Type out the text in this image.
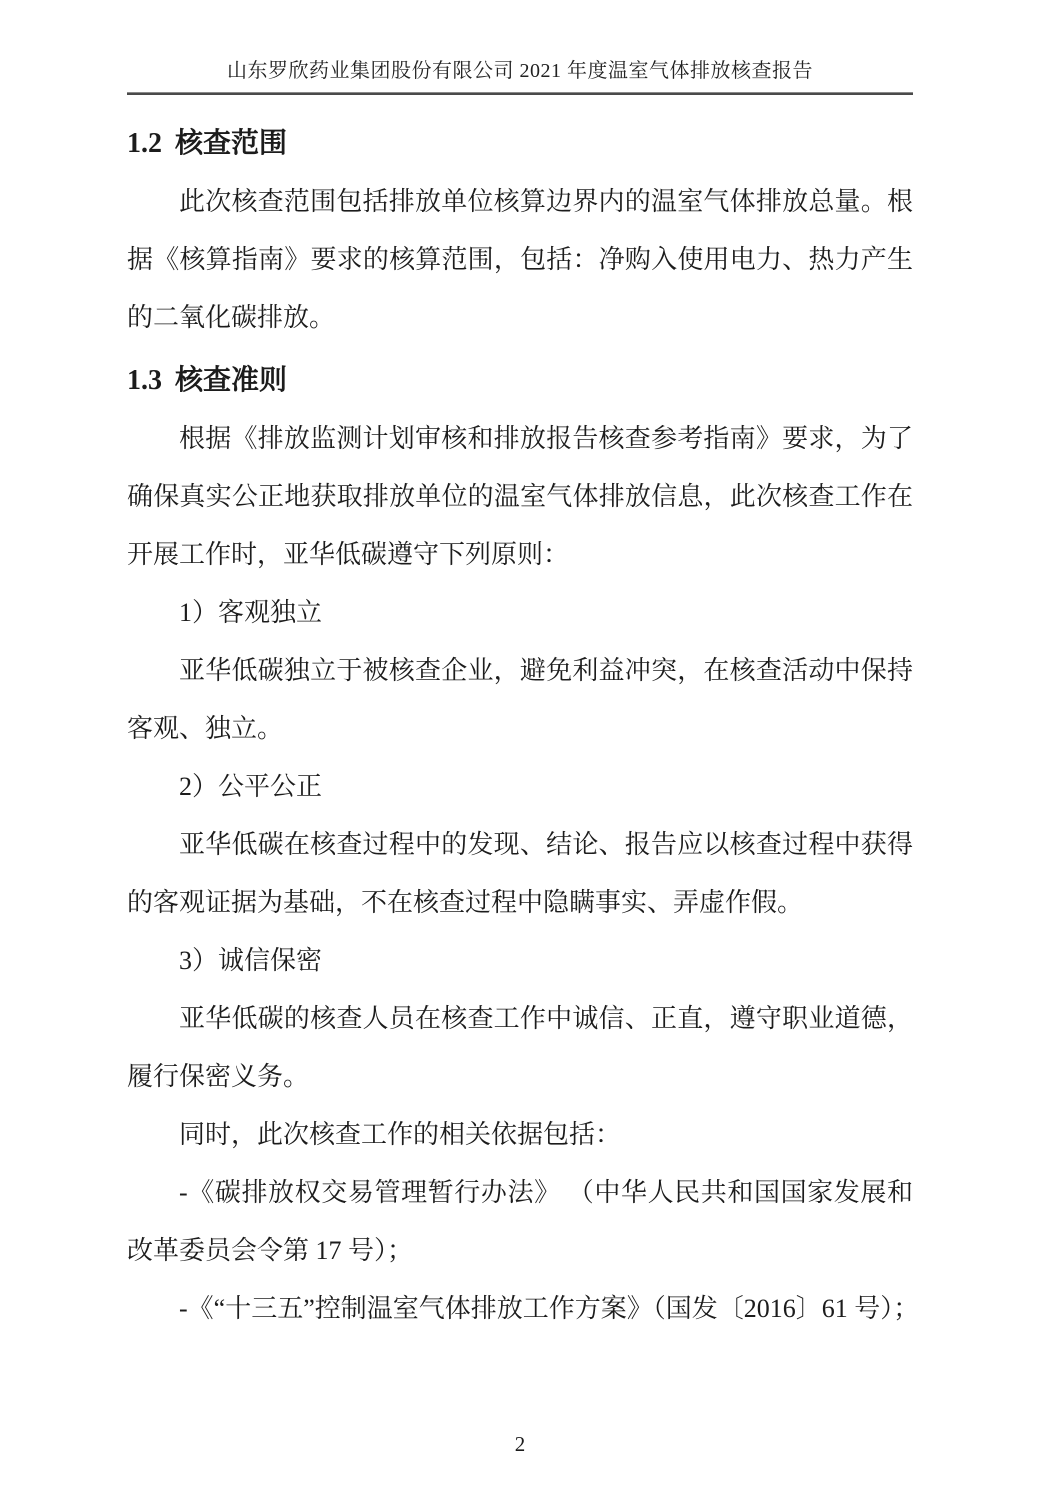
山东罗欣药业集团股份有限公司 2021 年度温室气体排放核查报告
1.2 核查范围
此次核查范围包括排放单位核算边界内的温室气体排放总量。根
据《核算指南》要求的核算范围，包括：净购入使用电力、热力产生
的二氧化碳排放。
1.3 核查准则
根据《排放监测计划审核和排放报告核查参考指南》要求，为了
确保真实公正地获取排放单位的温室气体排放信息，此次核查工作在
开展工作时，亚华低碳遵守下列原则：
1）客观独立
亚华低碳独立于被核查企业，避免利益冲突，在核查活动中保持
客观、独立。
2）公平公正
亚华低碳在核查过程中的发现、结论、报告应以核查过程中获得
的客观证据为基础，不在核查过程中隐瞒事实、弄虚作假。
3）诚信保密
亚华低碳的核查人员在核查工作中诚信、正直，遵守职业道德，
履行保密义务。
同时，此次核查工作的相关依据包括：
-《碳排放权交易管理暂行办法》 （中华人民共和国国家发展和
改革委员会令第 17 号）；
-《“十三五”控制温室气体排放工作方案》（国发〔2016〕61 号）；
2
